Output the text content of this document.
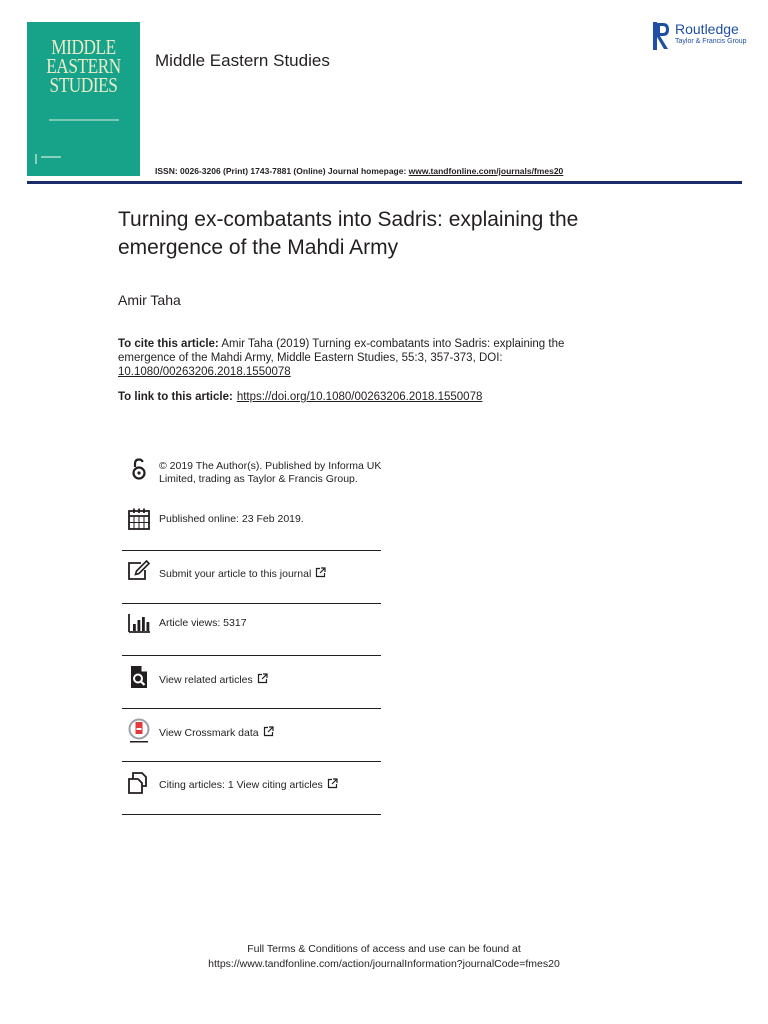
MIDDLE
EASTERN
STUDIES
Middle Eastern Studies
Routledge
Taylor & Francis Group
ISSN: 0026-3206 (Print) 1743-7881 (Online) Journal homepage: www.tandfonline.com/journals/fmes20
Turning ex-combatants into Sadris: explaining the emergence of the Mahdi Army
Amir Taha
To cite this article: Amir Taha (2019) Turning ex-combatants into Sadris: explaining the emergence of the Mahdi Army, Middle Eastern Studies, 55:3, 357-373, DOI: 10.1080/00263206.2018.1550078
To link to this article: https://doi.org/10.1080/00263206.2018.1550078
© 2019 The Author(s). Published by Informa UK Limited, trading as Taylor & Francis Group.
Published online: 23 Feb 2019.
Submit your article to this journal
Article views: 5317
View related articles
View Crossmark data
Citing articles: 1 View citing articles
Full Terms & Conditions of access and use can be found at
https://www.tandfonline.com/action/journalInformation?journalCode=fmes20
